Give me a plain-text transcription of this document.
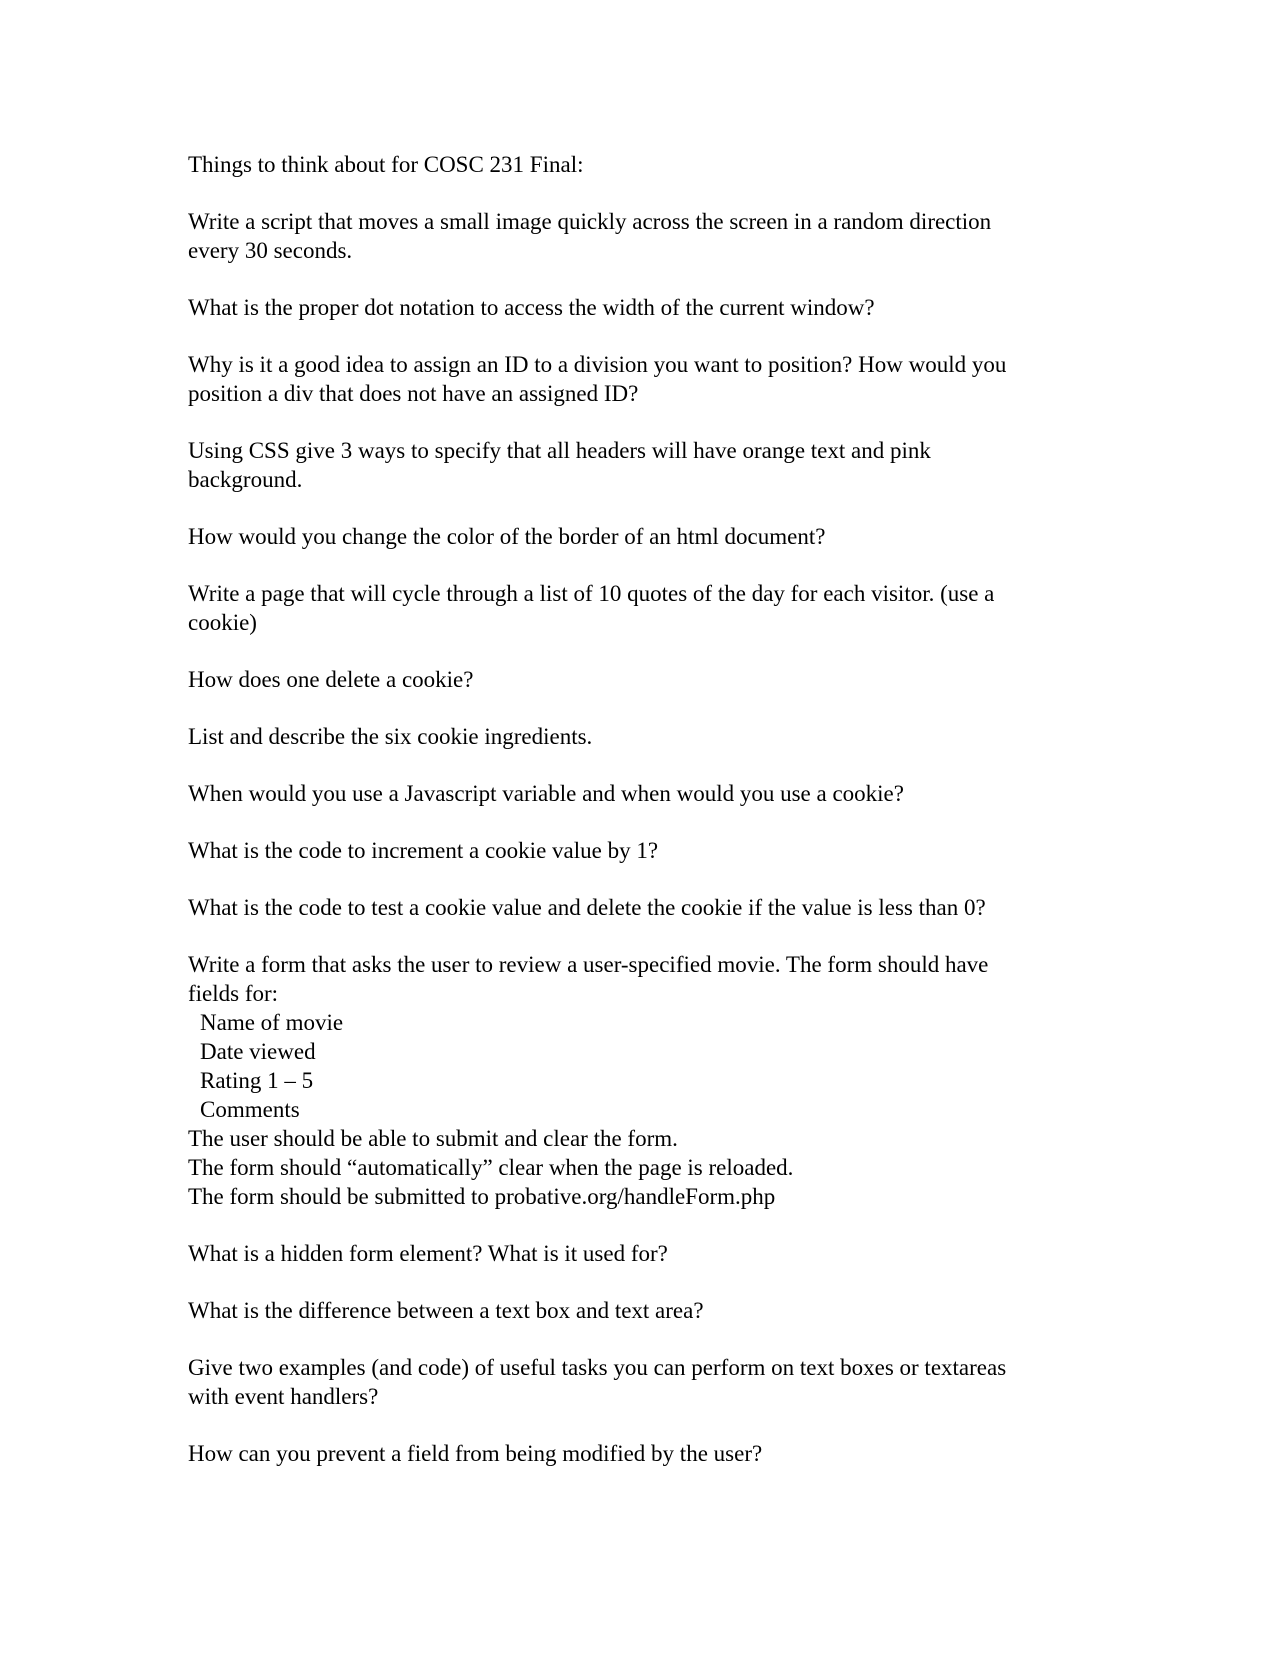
Things to think about for COSC 231 Final:
Write a script that moves a small image quickly across the screen in a random direction
every 30 seconds.
What is the proper dot notation to access the width of the current window?
Why is it a good idea to assign an ID to a division you want to position? How would you
position a div that does not have an assigned ID?
Using CSS give 3 ways to specify that all headers will have orange text and pink
background.
How would you change the color of the border of an html document?
Write a page that will cycle through a list of 10 quotes of the day for each visitor. (use a
cookie)
How does one delete a cookie?
List and describe the six cookie ingredients.
When would you use a Javascript variable and when would you use a cookie?
What is the code to increment a cookie value by 1?
What is the code to test a cookie value and delete the cookie if the value is less than 0?
Write a form that asks the user to review a user-specified movie. The form should have
fields for:
Name of movie
Date viewed
Rating 1 – 5
Comments
The user should be able to submit and clear the form.
The form should “automatically” clear when the page is reloaded.
The form should be submitted to probative.org/handleForm.php
What is a hidden form element? What is it used for?
What is the difference between a text box and text area?
Give two examples (and code) of useful tasks you can perform on text boxes or textareas
with event handlers?
How can you prevent a field from being modified by the user?
